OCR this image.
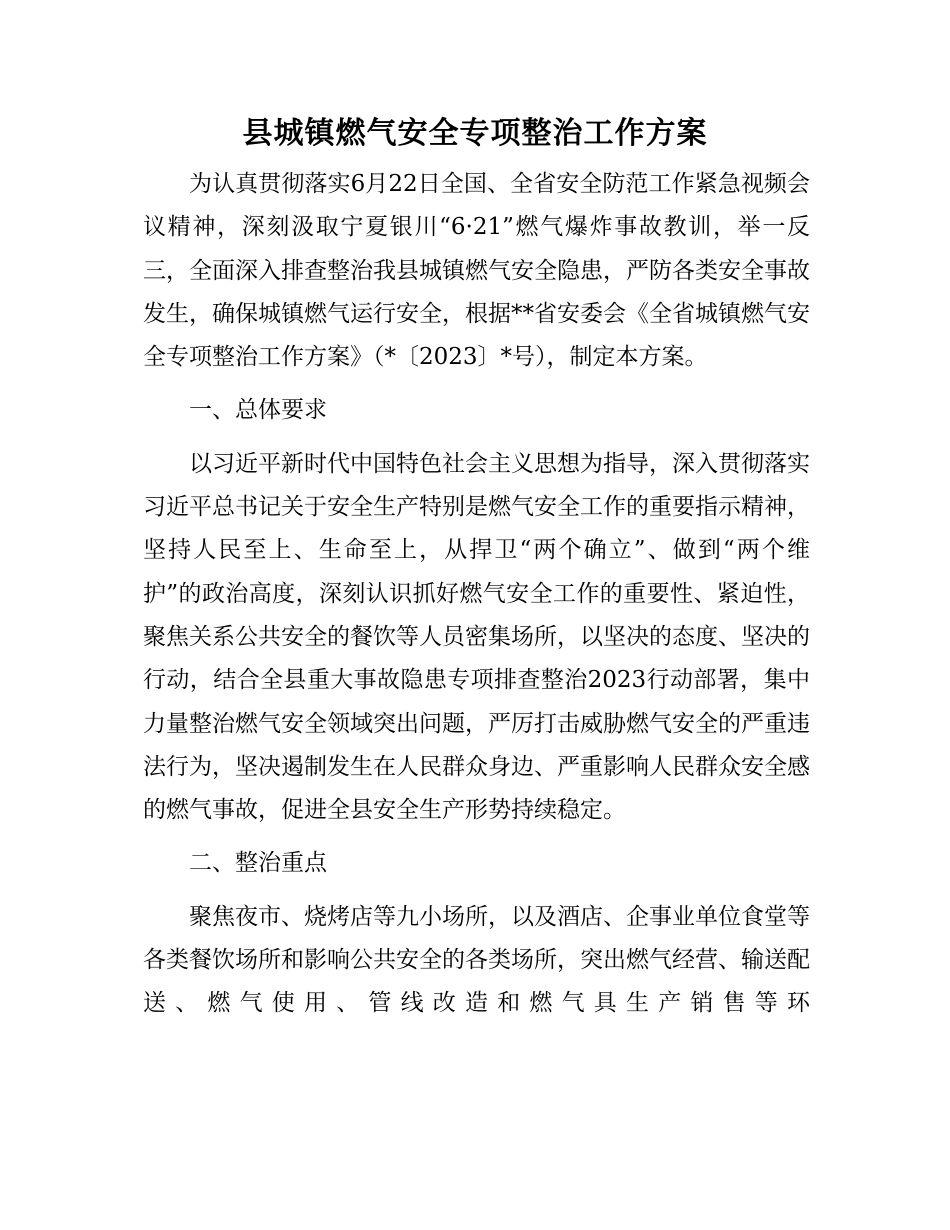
县城镇燃气安全专项整治工作方案

为认真贯彻落实6月22日全国、全省安全防范工作紧急视频会议精神，深刻汲取宁夏银川“6·21”燃气爆炸事故教训，举一反三，全面深入排查整治我县城镇燃气安全隐患，严防各类安全事故发生，确保城镇燃气运行安全，根据**省安委会《全省城镇燃气安全专项整治工作方案》（*〔2023〕*号），制定本方案。

一、总体要求

以习近平新时代中国特色社会主义思想为指导，深入贯彻落实习近平总书记关于安全生产特别是燃气安全工作的重要指示精神，坚持人民至上、生命至上，从捍卫“两个确立”、做到“两个维护”的政治高度，深刻认识抓好燃气安全工作的重要性、紧迫性，聚焦关系公共安全的餐饮等人员密集场所，以坚决的态度、坚决的行动，结合全县重大事故隐患专项排查整治2023行动部署，集中力量整治燃气安全领域突出问题，严厉打击威胁燃气安全的严重违法行为，坚决遏制发生在人民群众身边、严重影响人民群众安全感的燃气事故，促进全县安全生产形势持续稳定。

二、整治重点

聚焦夜市、烧烤店等九小场所，以及酒店、企事业单位食堂等各类餐饮场所和影响公共安全的各类场所，突出燃气经营、输送配送、燃气使用、管线改造和燃气具生产销售等环
